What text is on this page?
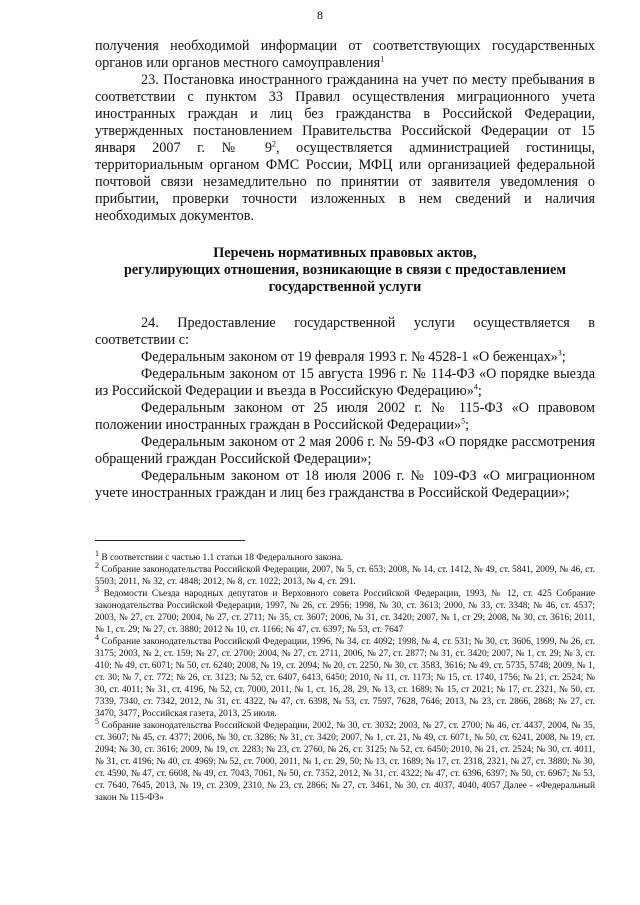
8

получения необходимой информации от соответствующих государственных органов или органов местного самоуправления$^1$

23. Постановка иностранного гражданина на учет по месту пребывания в соответствии с пунктом 33 Правил осуществления миграционного учета иностранных граждан и лиц без гражданства в Российской Федерации, утвержденных постановлением Правительства Российской Федерации от 15 января 2007 г. № $9^2$, осуществляется администрацией гостиницы, территориальным органом ФМС России, МФЦ или организацией федеральной почтовой связи незамедлительно по принятии от заявителя уведомления о прибытии, проверки точности изложенных в нем сведений и наличия необходимых документов.

Перечень нормативных правовых актов,
регулирующих отношения, возникающие в связи с предоставлением
государственной услуги

24. Предоставление государственной услуги осуществляется в соответствии с:

Федеральным законом от 19 февраля 1993 г. № 4528-1 «О беженцах»$^3$;

Федеральным законом от 15 августа 1996 г. № 114-ФЗ «О порядке выезда из Российской Федерации и въезда в Российскую Федерацию»$^4$;

Федеральным законом от 25 июля 2002 г. № 115-ФЗ «О правовом положении иностранных граждан в Российской Федерации»$^5$;

Федеральным законом от 2 мая 2006 г. № 59-ФЗ «О порядке рассмотрения обращений граждан Российской Федерации»;

Федеральным законом от 18 июля 2006 г. № 109-ФЗ «О миграционном учете иностранных граждан и лиц без гражданства в Российской Федерации»;

$^1$ В соответствии с частью 1.1 статьи 18 Федерального закона.

$^2$ Собрание законодательства Российской Федерации, 2007, № 5, ст. 653; 2008, № 14, ст. 1412, № 49, ст. 5841, 2009, № 46, ст. 5503; 2011, № 32, ст. 4848; 2012, № 8, ст. 1022; 2013, № 4, ст. 291.

$^3$ Ведомости Съезда народных депутатов и Верховного совета Российской Федерации, 1993, № 12, ст. 425 Собрание законодательства Российской Федерации, 1997, № 26, ст. 2956; 1998, № 30, ст. 3613; 2000, № 33, ст. 3348; № 46, ст. 4537; 2003, № 27, ст. 2700; 2004, № 27, ст. 2711; № 35, ст. 3607; 2006, № 31, ст. 3420; 2007, № 1, ст 29; 2008, № 30, ст. 3616; 2011, № 1, ст. 29; № 27, ст. 3880; 2012 № 10, ст. 1166; № 47, ст. 6397; № 53, ст. 7647

$^4$ Собрание законодательства Российской Федерации, 1996, № 34, ст. 4092; 1998, № 4, ст. 531; № 30, ст. 3606, 1999, № 26, ст. 3175; 2003, № 2, ст. 159; № 27, ст. 2700; 2004, № 27, ст. 2711, 2006, № 27, ст. 2877; № 31, ст. 3420; 2007, № 1, ст. 29; № 3, ст. 410; № 49, ст. 6071; № 50, ст. 6240; 2008, № 19, ст. 2094; № 20, ст. 2250, № 30, ст. 3583, 3616; № 49, ст. 5735, 5748; 2009, № 1, ст. 30; № 7, ст. 772; № 26, ст. 3123; № 52, ст. 6407, 6413, 6450; 2010, № 11, ст. 1173; № 15, ст. 1740, 1756; № 21, ст. 2524; № 30, ст. 4011; № 31, ст. 4196, № 52, ст. 7000, 2011, № 1, ст. 16, 28, 29, № 13, ст. 1689; № 15, ст 2021; № 17, ст. 2321, № 50, ст. 7339, 7340, ст. 7342, 2012, № 31, ст. 4322, № 47, ст. 6398, № 53, ст. 7597, 7628, 7646; 2013, № 23, ст. 2866, 2868; № 27, ст. 3470, 3477, Российская газета, 2013, 25 июля.

$^5$ Собрание законодательства Российской Федерации, 2002, № 30, ст. 3032; 2003, № 27, ст. 2700; № 46, ст. 4437, 2004, № 35, ст. 3607; № 45, ст. 4377; 2006, № 30, ст. 3286; № 31, ст. 3420; 2007, № 1, ст. 21, № 49, ст. 6071, № 50, ст. 6241, 2008, № 19, ст. 2094; № 30, ст. 3616; 2009, № 19, ст. 2283; № 23, ст. 2760, № 26, ст. 3125; № 52, ст. 6450; 2010, № 21, ст. 2524; № 30, ст. 4011, № 31, ст. 4196; № 40, ст. 4969; № 52, ст. 7000, 2011, № 1, ст. 29, 50; № 13, ст. 1689; № 17, ст. 2318, 2321, № 27, ст. 3880; № 30, ст. 4590, № 47, ст. 6608, № 49, ст. 7043, 7061, № 50, ст. 7352, 2012, № 31, ст. 4322; № 47, ст. 6396, 6397; № 50, ст. 6967; № 53, ст. 7640, 7645, 2013, № 19, ст. 2309, 2310, № 23, ст. 2866; № 27, ст. 3461, № 30, ст. 4037, 4040, 4057 Далее - «Федеральный закон № 115-ФЗ»
